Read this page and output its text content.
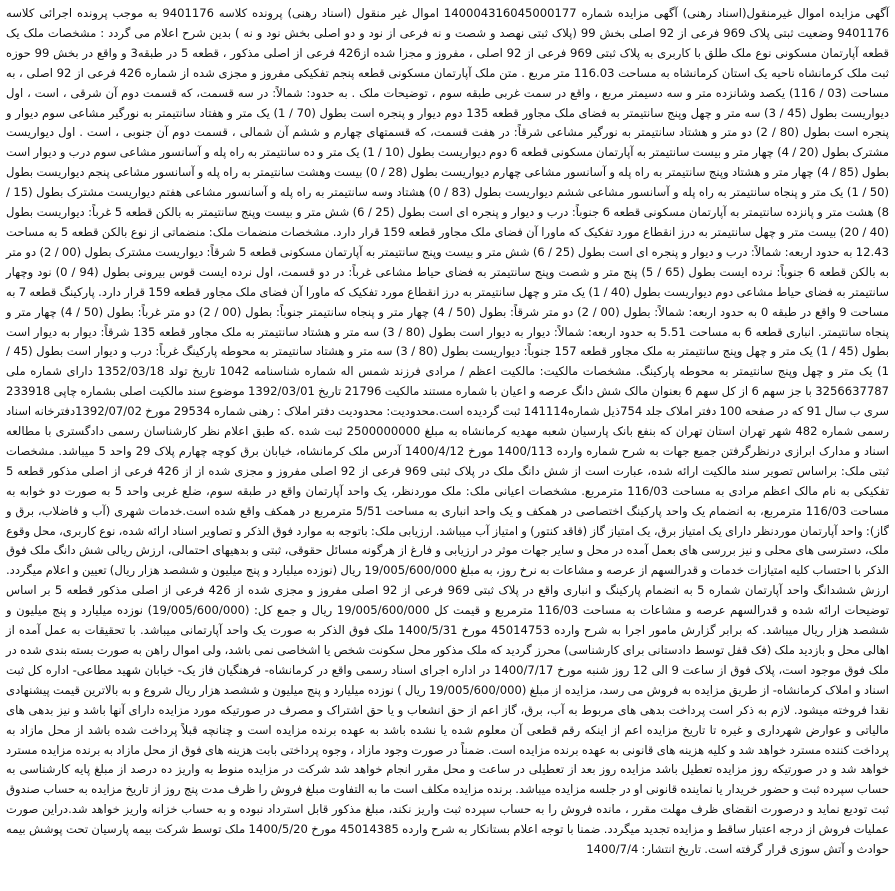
آگهی مزایده اموال غیرمنقول(اسناد رهنی) آگهی مزایده شماره 140004316045000177 اموال غیر منقول (اسناد رهنی) پرونده کلاسه 9401176 به موجب پرونده اجرائی کلاسه 9401176 وضعیت ثبتی پلاک 969 فرعی از 92 اصلی بخش 99 (پلاک ثبتی نهصد و شصت و نه فرعی از نود و دو اصلی بخش نود و نه ) بدین شرح اعلام می گردد : مشخصات ملک یک قطعه آپارتمان مسکونی نوع ملک طلق با کاربری به پلاک ثبتی 969 فرعی از 92 اصلی ، مفروز و مجزا شده از426 فرعی از اصلی مذکور ، قطعه 5 در طبقه3 و واقع در بخش 99 حوزه ثبت ملک کرمانشاه ناحیه یک استان کرمانشاه به مساحت 116.03 متر مربع . متن ملک آپارتمان مسکونی قطعه پنجم تفکیکی مفروز و مجزی شده از شماره 426 فرعی از 92 اصلی ، به مساحت (03 / 116) یکصد وشانزده متر و سه دسیمتر مربع ، واقع در سمت غربی طبقه سوم ، توضیحات ملک . به حدود: شمالاً: در سه قسمت، که قسمت دوم آن شرقی ، است ، اول دیواریست بطول (45 / 3) سه متر و چهل وپنج سانتیمتر به فضای ملک مجاور قطعه 135 دوم دیوار و پنجره است بطول (70 / 1) یک متر و هفتاد سانتیمتر به نورگیر مشاعی سوم دیوار و پنجره است بطول (80 / 2) دو متر و هشتاد سانتیمتر به نورگیر مشاعی شرقاً: در هفت قسمت، که قسمتهای چهارم و ششم آن شمالی ، قسمت دوم آن جنوبی ، است . اول دیواریست مشترک بطول (20 / 4) چهار متر و بیست سانتیمتر به آپارتمان مسکونی قطعه 6 دوم دیواریست بطول (10 / 1) یک متر و ده سانتیمتر به راه پله و آسانسور مشاعی سوم درب و دیوار است بطول (85 / 4) چهار متر و هشتاد وپنج سانتیمتر به راه پله و آسانسور مشاعی چهارم دیواریست بطول (28 / 0) بیست وهشت سانتیمتر به راه پله و آسانسور مشاعی پنجم دیواریست بطول (50 / 1) یک متر و پنجاه سانتیمتر به راه پله و آسانسور مشاعی ششم دیواریست بطول (83 / 0) هشتاد وسه سانتیمتر به راه پله و آسانسور مشاعی هفتم دیواریست مشترک بطول (15 / 8) هشت متر و پانزده سانتیمتر به آپارتمان مسکونی قطعه 6 جنوباً: درب و دیوار و پنجره ای است بطول (25 / 6) شش متر و بیست وپنج سانتیمتر به بالکن قطعه 5 غرباً: دیواریست بطول (40 / 20) بیست متر و چهل سانتیمتر به درز انقطاع مورد تفکیک که ماورا آن فضای ملک مجاور قطعه 159 قرار دارد. مشخصات منضمات ملک: منضماتی از نوع بالکن قطعه 5 به مساحت 12.43 به حدود اربعه: شمالاً: درب و دیوار و پنجره ای است بطول (25 / 6) شش متر و بیست وپنج سانتیمتر به آپارتمان مسکونی قطعه 5 شرقاً: دیواریست مشترک بطول (00 / 2) دو متر به بالکن قطعه 6 جنوباً: نرده ایست بطول (65 / 5) پنج متر و شصت وپنج سانتیمتر به فضای حیاط مشاعی غرباً: در دو قسمت، اول نرده ایست قوس بیرونی بطول (94 / 0) نود وچهار سانتیمتر به فضای حیاط مشاعی دوم دیواریست بطول (40 / 1) یک متر و چهل سانتیمتر به درز انقطاع مورد تفکیک که ماورا آن فضای ملک مجاور قطعه 159 قرار دارد. پارکینگ قطعه 7 به مساحت 9 واقع در طبقه 0 به حدود اربعه: شمالاً: بطول (00 / 2) دو متر شرقاً: بطول (50 / 4) چهار متر و پنجاه سانتیمتر جنوباً: بطول (00 / 2) دو متر غرباً: بطول (50 / 4) چهار متر و پنجاه سانتیمتر. انباری قطعه 6 به مساحت 5.51 به حدود اربعه: شمالاً: دیوار به دیوار است بطول (80 / 3) سه متر و هشتاد سانتیمتر به ملک مجاور قطعه 135 شرقاً: دیوار به دیوار است بطول (45 / 1) یک متر و چهل وپنج سانتیمتر به ملک مجاور قطعه 157 جنوباً: دیواریست بطول (80 / 3) سه متر و هشتاد سانتیمتر به محوطه پارکینگ غرباً: درب و دیوار است بطول (45 / 1) یک متر و چهل وپنج سانتیمتر به محوطه پارکینگ. مشخصات مالکیت: مالکیت اعظم / مرادی فرزند شمس اله شماره شناسنامه 1042 تاریخ تولد 1352/03/18 دارای شماره ملی 3256637787 با جز سهم 6 از کل سهم 6 بعنوان مالک شش دانگ عرصه و اعیان با شماره مستند مالکیت 21796 تاریخ 1392/03/01 موضوع سند مالکیت اصلی بشماره چاپی 233918 سری ب سال 91 که در صفحه 100 دفتر املاک جلد 754ذیل شماره141114 ثبت گردیده است.محدودیت: محدودیت دفتر املاک : رهنی شماره 29534 مورخ 1392/07/02دفترخانه اسناد رسمی شماره 482 شهر تهران استان تهران که بنفع بانک پارسیان شعبه مهدیه کرمانشاه به مبلغ 2500000000 ثبت شده .که طبق اعلام نظر کارشناسان رسمی دادگستری با مطالعه اسناد و مدارک ابرازی درنظرگرفتن جمیع جهات به شرح شماره وارده 1400/113 مورخ 1400/4/12 آدرس ملک کرمانشاه، خیابان برق کوچه چهارم پلاک 29 واحد 5 میباشد. مشخصات ثبتی ملک: براساس تصویر سند مالکیت ارائه شده، عبارت است از شش دانگ ملک در پلاک ثبتی 969 فرعی از 92 اصلی مفروز و مجزی شده از از 426 فرعی از اصلی مذکور قطعه 5 تفکیکی به نام مالک اعظم مرادی به مساحت 116/03 مترمربع. مشخصات اعیانی ملک: ملک موردنظر، یک واحد آپارتمان واقع در طبقه سوم، ضلع غربی واحد 5 به صورت دو خوابه به مساحت 116/03 مترمربع، به انضمام یک واحد پارکینگ اختصاصی در همکف و یک واحد انباری به مساحت 5/51 مترمربع در همکف واقع شده است.خدمات شهری (آب و فاضلاب، برق و گاز): واحد آپارتمان موردنظر دارای یک امتیاز برق، یک امتیاز گاز (فاقد کنتور) و امتیاز آب میباشد. ارزیابی ملک: باتوجه به موارد فوق الذکر و تصاویر اسناد ارائه شده، نوع کاربری، محل وقوع ملک، دسترسی های محلی و نیز بررسی های بعمل آمده در محل و سایر جهات موثر در ارزیابی و فارغ از هرگونه مسائل حقوقی، ثبتی و بدهیهای احتمالی، ارزش ریالی شش دانگ ملک فوق الذکر با احتساب کلیه امتیازات خدمات و قدرالسهم از عرصه و مشاعات به نرخ روز، به مبلغ 19/005/600/000 ریال (نوزده میلیارد و پنج میلیون و ششصد هزار ریال) تعیین و اعلام میگردد. ارزش ششدانگ واحد آپارتمان شماره 5 به انضمام پارکینگ و انباری واقع در پلاک ثبتی 969 فرعی از 92 اصلی مفروز و مجزی شده از 426 فرعی از اصلی مذکور قطعه 5 بر اساس توضیحات ارائه شده و قدرالسهم عرصه و مشاعات به مساحت 116/03 مترمربع و قیمت کل 19/005/600/000 ریال و جمع کل: (19/005/600/000) نوزده میلیارد و پنج میلیون و ششصد هزار ریال میباشد. که برابر گزارش مامور اجرا به شرح وارده 45014753 مورخ 1400/5/31 ملک فوق الذکر به صورت یک واحد آپارتمانی میباشد. با تحقیقات به عمل آمده از اهالی محل و بازدید ملک (فک قفل توسط دادستانی برای کارشناسی) محرز گردید که ملک مذکور محل سکونت شخص یا اشخاصی نمی باشد، ولی اموال راهن به صورت بسته بندی شده در ملک فوق موجود است، پلاک فوق از ساعت 9 الی 12 روز شنبه مورخ 1400/7/17 در اداره اجرای اسناد رسمی واقع در کرمانشاه- فرهنگیان فاز یک- خیابان شهید مطاعی- اداره کل ثبت اسناد و املاک کرمانشاه- از طریق مزایده به فروش می رسد، مزایده از مبلغ (19/005/600/000 ریال ) نوزده میلیارد و پنج میلیون و ششصد هزار ریال شروع و به بالاترین قیمت پیشنهادی نقدا فروخته میشود. لازم به ذکر است پرداخت بدهی های مربوط به آب، برق، گاز اعم از حق انشعاب و یا حق اشتراک و مصرف در صورتیکه مورد مزایده دارای آنها باشد و نیز بدهی های مالیاتی و عوارض شهرداری و غیره تا تاریخ مزایده اعم از اینکه رقم قطعی آن معلوم شده یا نشده باشد به عهده برنده مزایده است و چنانچه قبلاً پرداخت شده باشد از محل مازاد به پرداخت کننده مسترد خواهد شد و کلیه هزینه های قانونی به عهده برنده مزایده است. ضمناً در صورت وجود مازاد ، وجوه پرداختی بابت هزینه های فوق از محل مازاد به برنده مزایده مسترد خواهد شد و در صورتیکه روز مزایده تعطیل باشد مزایده روز بعد از تعطیلی در ساعت و محل مقرر انجام خواهد شد شرکت در مزایده منوط به واریز ده درصد از مبلغ پایه کارشناسی به حساب سپرده ثبت و حضور خریدار یا نماینده قانونی او در جلسه مزایده میباشد. برنده مزایده مکلف است ما به التفاوت مبلغ فروش را ظرف مدت پنج روز از تاریخ مزایده به حساب صندوق ثبت تودیع نماید و درصورت انقضای ظرف مهلت مقرر ، مانده فروش را به حساب سپرده ثبت واریز نکند، مبلغ مذکور قابل استرداد نبوده و به حساب خزانه واریز خواهد شد.دراین صورت عملیات فروش از درجه اعتبار ساقط و مزایده تجدید میگردد. ضمنا با توجه اعلام بستانکار به شرح وارده 45014385 مورخ 1400/5/20 ملک توسط شرکت بیمه پارسیان تحت پوشش بیمه حوادث و آتش سوزی قرار گرفته است. تاریخ انتشار: 1400/7/4
